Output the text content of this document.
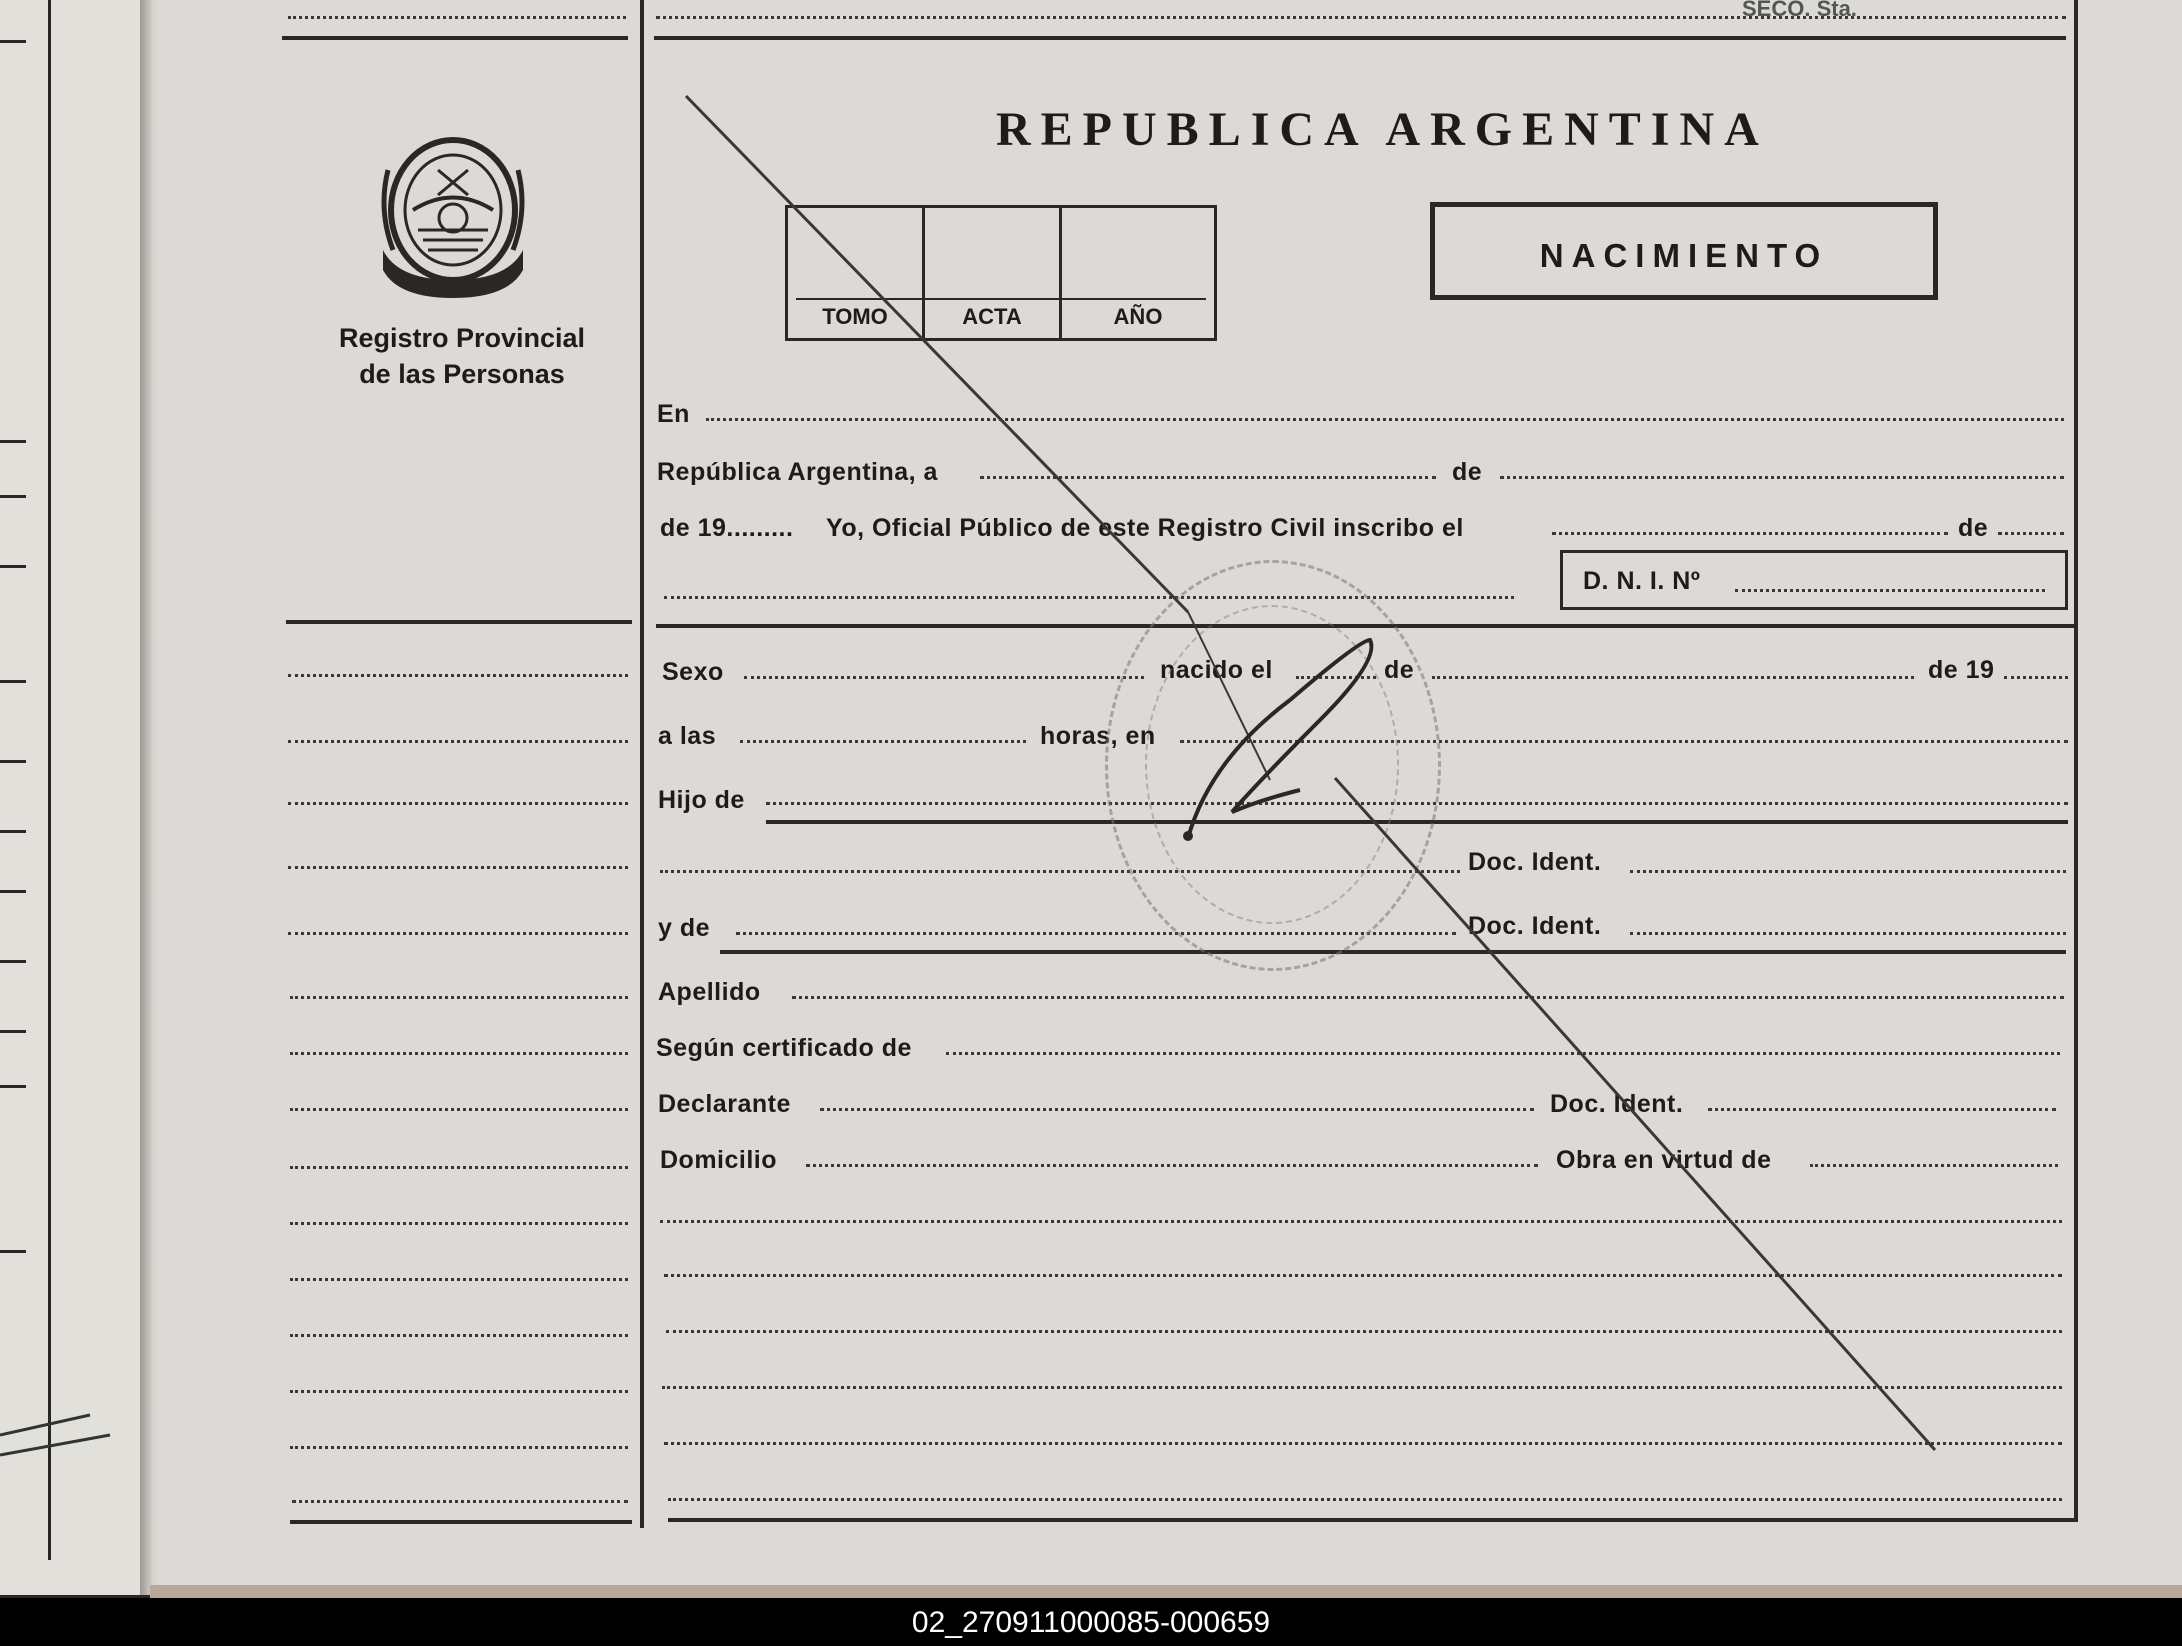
SECO. Sta.
Registro Provincial
de las Personas
REPUBLICA ARGENTINA
TOMO	ACTA	AÑO
NACIMIENTO
En
República Argentina, a	de
de 19......... Yo, Oficial Público de este Registro Civil inscribo el	de
D. N. I. Nº
Sexo	nacido el	de	de 19
a las	horas, en
Hijo de
Doc. Ident.
y de	Doc. Ident.
Apellido
Según certificado de
Declarante	Doc. Ident.
Domicilio	Obra en virtud de
02_270911000085-000659
